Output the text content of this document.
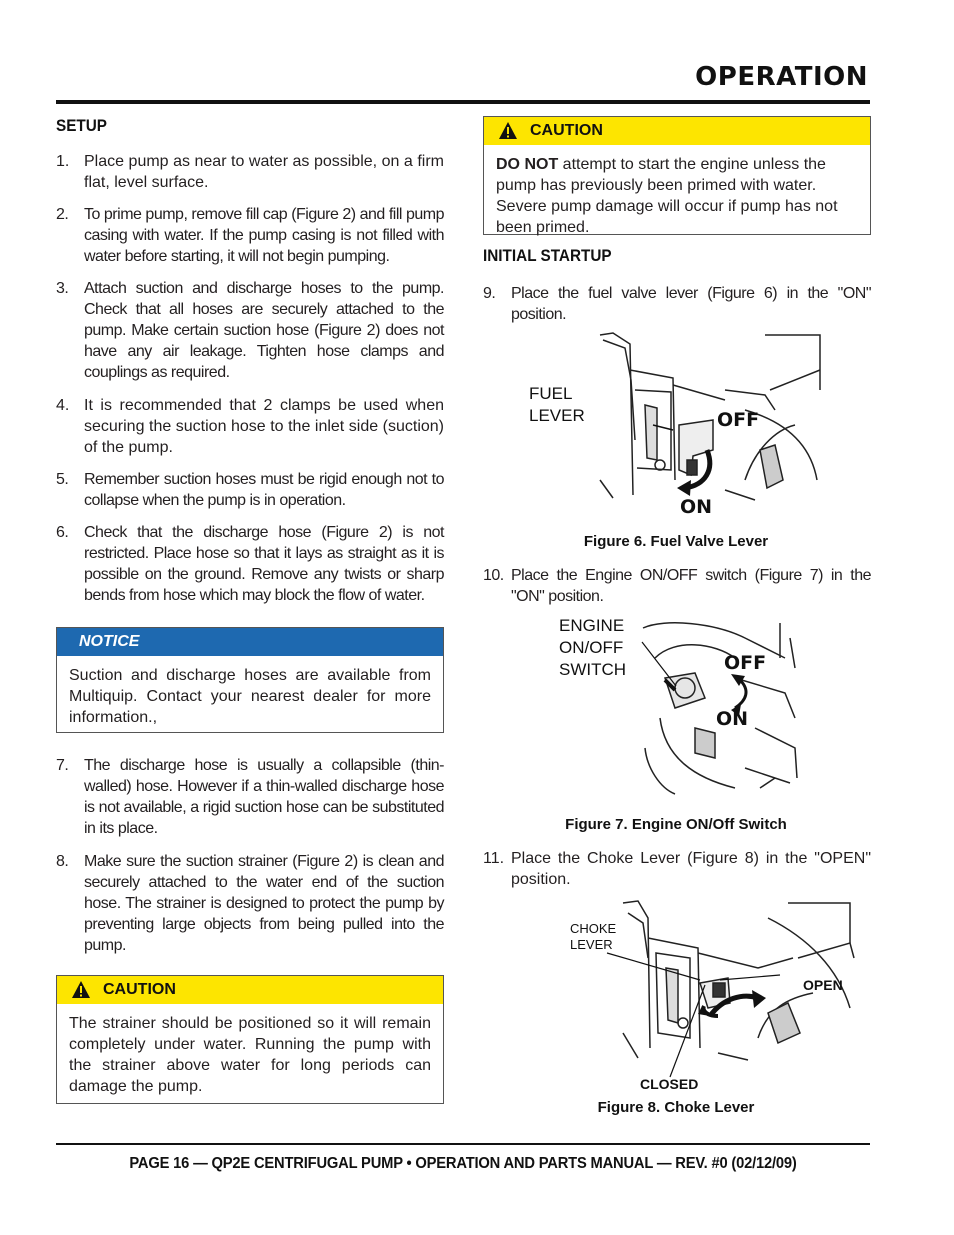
OPERATION
SETUP
1. Place pump as near to water as possible, on a firm flat, level surface.
2. To prime pump, remove fill cap (Figure 2) and fill pump casing with water. If the pump casing is not filled with water before starting, it will not begin pumping.
3. Attach suction and discharge hoses to the pump. Check that all hoses are securely attached to the pump. Make certain suction hose (Figure 2) does not have any air leakage. Tighten hose clamps and couplings as required.
4. It is recommended that 2 clamps be used when securing the suction hose to the inlet side (suction) of the pump.
5. Remember suction hoses must be rigid enough not to collapse when the pump is in operation.
6. Check that the discharge hose (Figure 2) is not restricted. Place hose so that it lays as straight as it is possible on the ground. Remove any twists or sharp bends from hose which may block the flow of water.
NOTICE
Suction and discharge hoses are available from Multiquip. Contact your nearest dealer for more information.,
7. The discharge hose is usually a collapsible (thin-walled) hose. However if a thin-walled discharge hose is not available, a rigid suction hose can be substituted in its place.
8. Make sure the suction strainer (Figure 2) is clean and securely attached to the water end of the suction hose. The strainer is designed to protect the pump by preventing large objects from being pulled into the pump.
CAUTION
The strainer should be positioned so it will remain completely under water. Running the pump with the strainer above water for long periods can damage the pump.
CAUTION
DO NOT attempt to start the engine unless the pump has previously been primed with water. Severe pump damage will occur if pump has not been primed.
INITIAL STARTUP
9. Place the fuel valve lever (Figure 6) in the "ON" position.
FUEL
LEVER	OFF
ON
Figure 6. Fuel Valve Lever
10. Place the Engine ON/OFF switch (Figure 7) in the "ON" position.
ENGINE
ON/OFF
SWITCH	OFF
ON
Figure 7. Engine ON/Off Switch
11. Place the Choke Lever (Figure 8) in the "OPEN" position.
CHOKE
LEVER
OPEN
CLOSED
Figure 8. Choke Lever
PAGE 16 — QP2E CENTRIFUGAL PUMP • OPERATION AND PARTS MANUAL — REV. #0 (02/12/09)
